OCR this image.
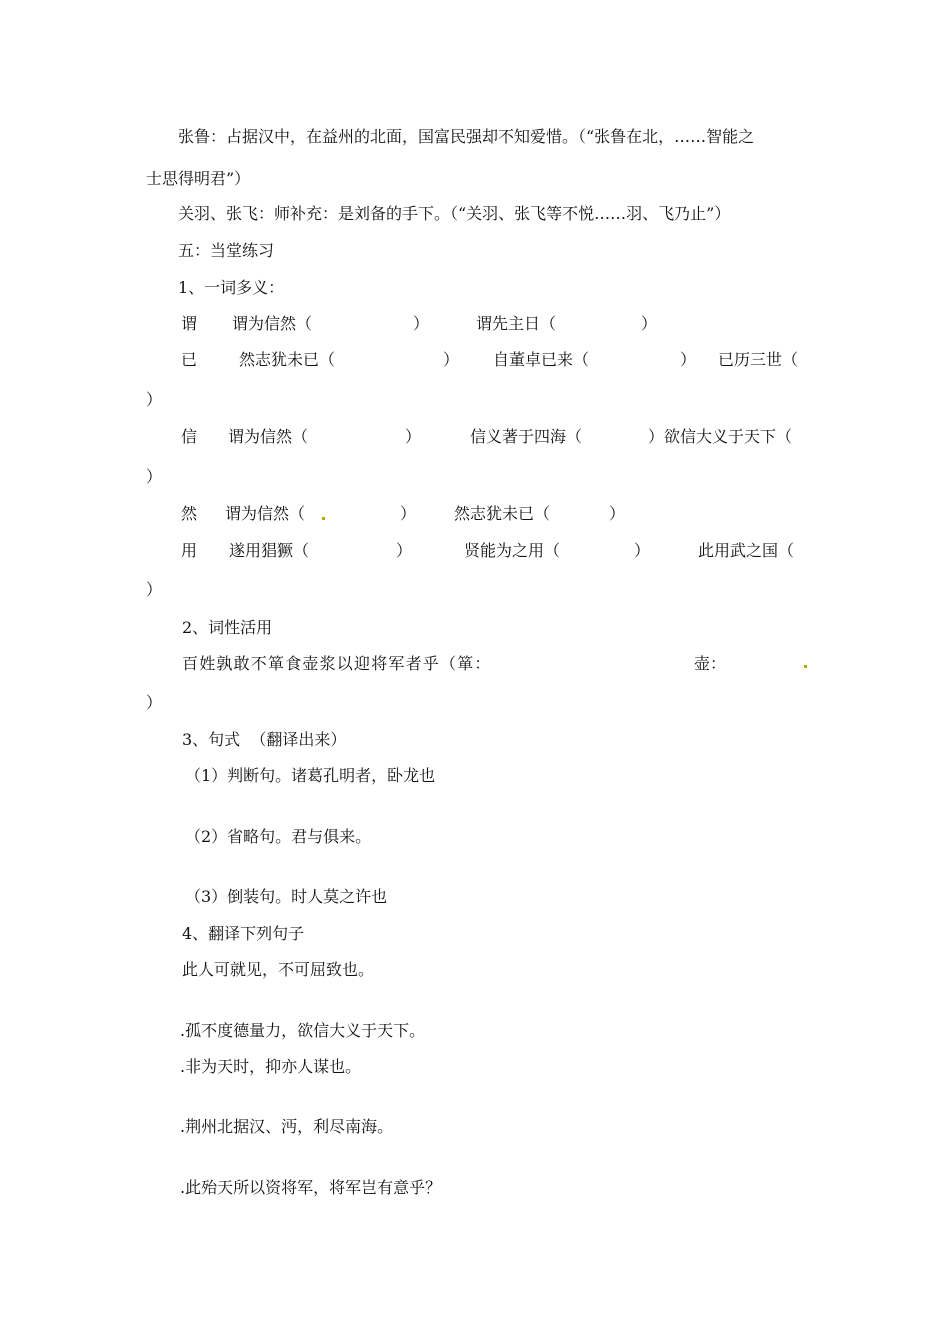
张鲁：占据汉中，在益州的北面，国富民强却不知爱惜。（“张鲁在北，……智能之
士思得明君”）
关羽、张飞：师补充：是刘备的手下。（“关羽、张飞等不悦……羽、飞乃止”）
五：当堂练习
1、一词多义：
谓 谓为信然（	）	谓先主日（	）
已	然志犹未已（	） 自董卓已来（	） 已历三世（
）
信 谓为信然（	）	信义著于四海（	）欲信大义于天下（
）
然 谓为信然（	） 然志犹未已（	）
用 遂用猖獗（	）	贤能为之用（	）	此用武之国（
）
2、词性活用
百姓孰敢不箪食壶浆以迎将军者乎（箪：	壶：
）
3、句式  （翻译出来）
（1）判断句。诸葛孔明者，卧龙也
（2）省略句。君与俱来。
（3）倒装句。时人莫之许也
4、翻译下列句子
此人可就见，不可屈致也。
.孤不度德量力，欲信大义于天下。
.非为天时，抑亦人谋也。
.荆州北据汉、沔，利尽南海。
.此殆天所以资将军，将军岂有意乎？
